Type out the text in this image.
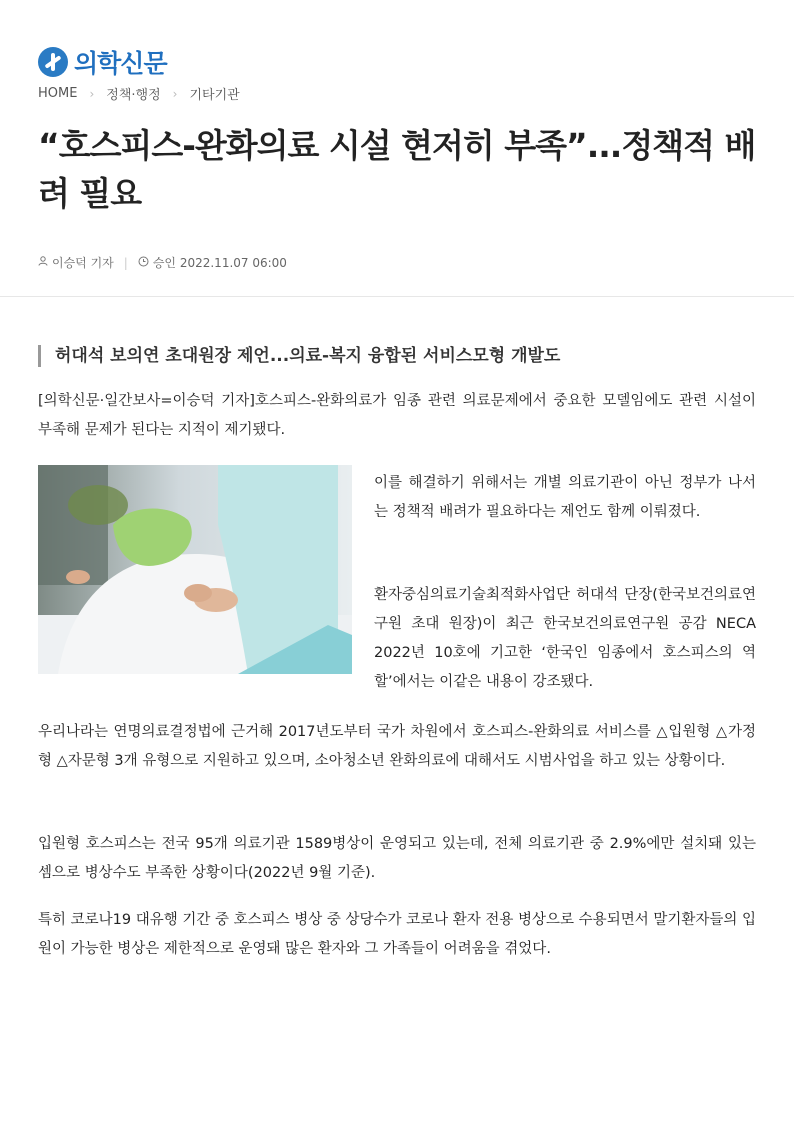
의학신문
HOME › 정책·행정 › 기타기관
“호스피스-완화의료 시설 현저히 부족”...정책적 배려 필요
이승덕 기자 | 승인 2022.11.07 06:00
허대석 보의연 초대원장 제언...의료-복지 융합된 서비스모형 개발도

[의학신문·일간보사=이승덕 기자]호스피스-완화의료가 임종 관련 의료문제에서 중요한 모델임에도 관련 시설이 부족해 문제가 된다는 지적이 제기됐다.

이를 해결하기 위해서는 개별 의료기관이 아닌 정부가 나서는 정책적 배려가 필요하다는 제언도 함께 이뤄졌다.

환자중심의료기술최적화사업단 허대석 단장(한국보건의료연구원 초대 원장)이 최근 한국보건의료연구원 공감 NECA 2022년 10호에 기고한 ‘한국인 임종에서 호스피스의 역할’에서는 이같은 내용이 강조됐다.

우리나라는 연명의료결정법에 근거해 2017년도부터 국가 차원에서 호스피스-완화의료 서비스를 △입원형 △가정형 △자문형 3개 유형으로 지원하고 있으며, 소아청소년 완화의료에 대해서도 시범사업을 하고 있는 상황이다.

입원형 호스피스는 전국 95개 의료기관 1589병상이 운영되고 있는데, 전체 의료기관 중 2.9%에만 설치돼 있는 셈으로 병상수도 부족한 상황이다(2022년 9월 기준).

특히 코로나19 대유행 기간 중 호스피스 병상 중 상당수가 코로나 환자 전용 병상으로 수용되면서 말기환자들의 입원이 가능한 병상은 제한적으로 운영돼 많은 환자와 그 가족들이 어려움을 겪었다.
